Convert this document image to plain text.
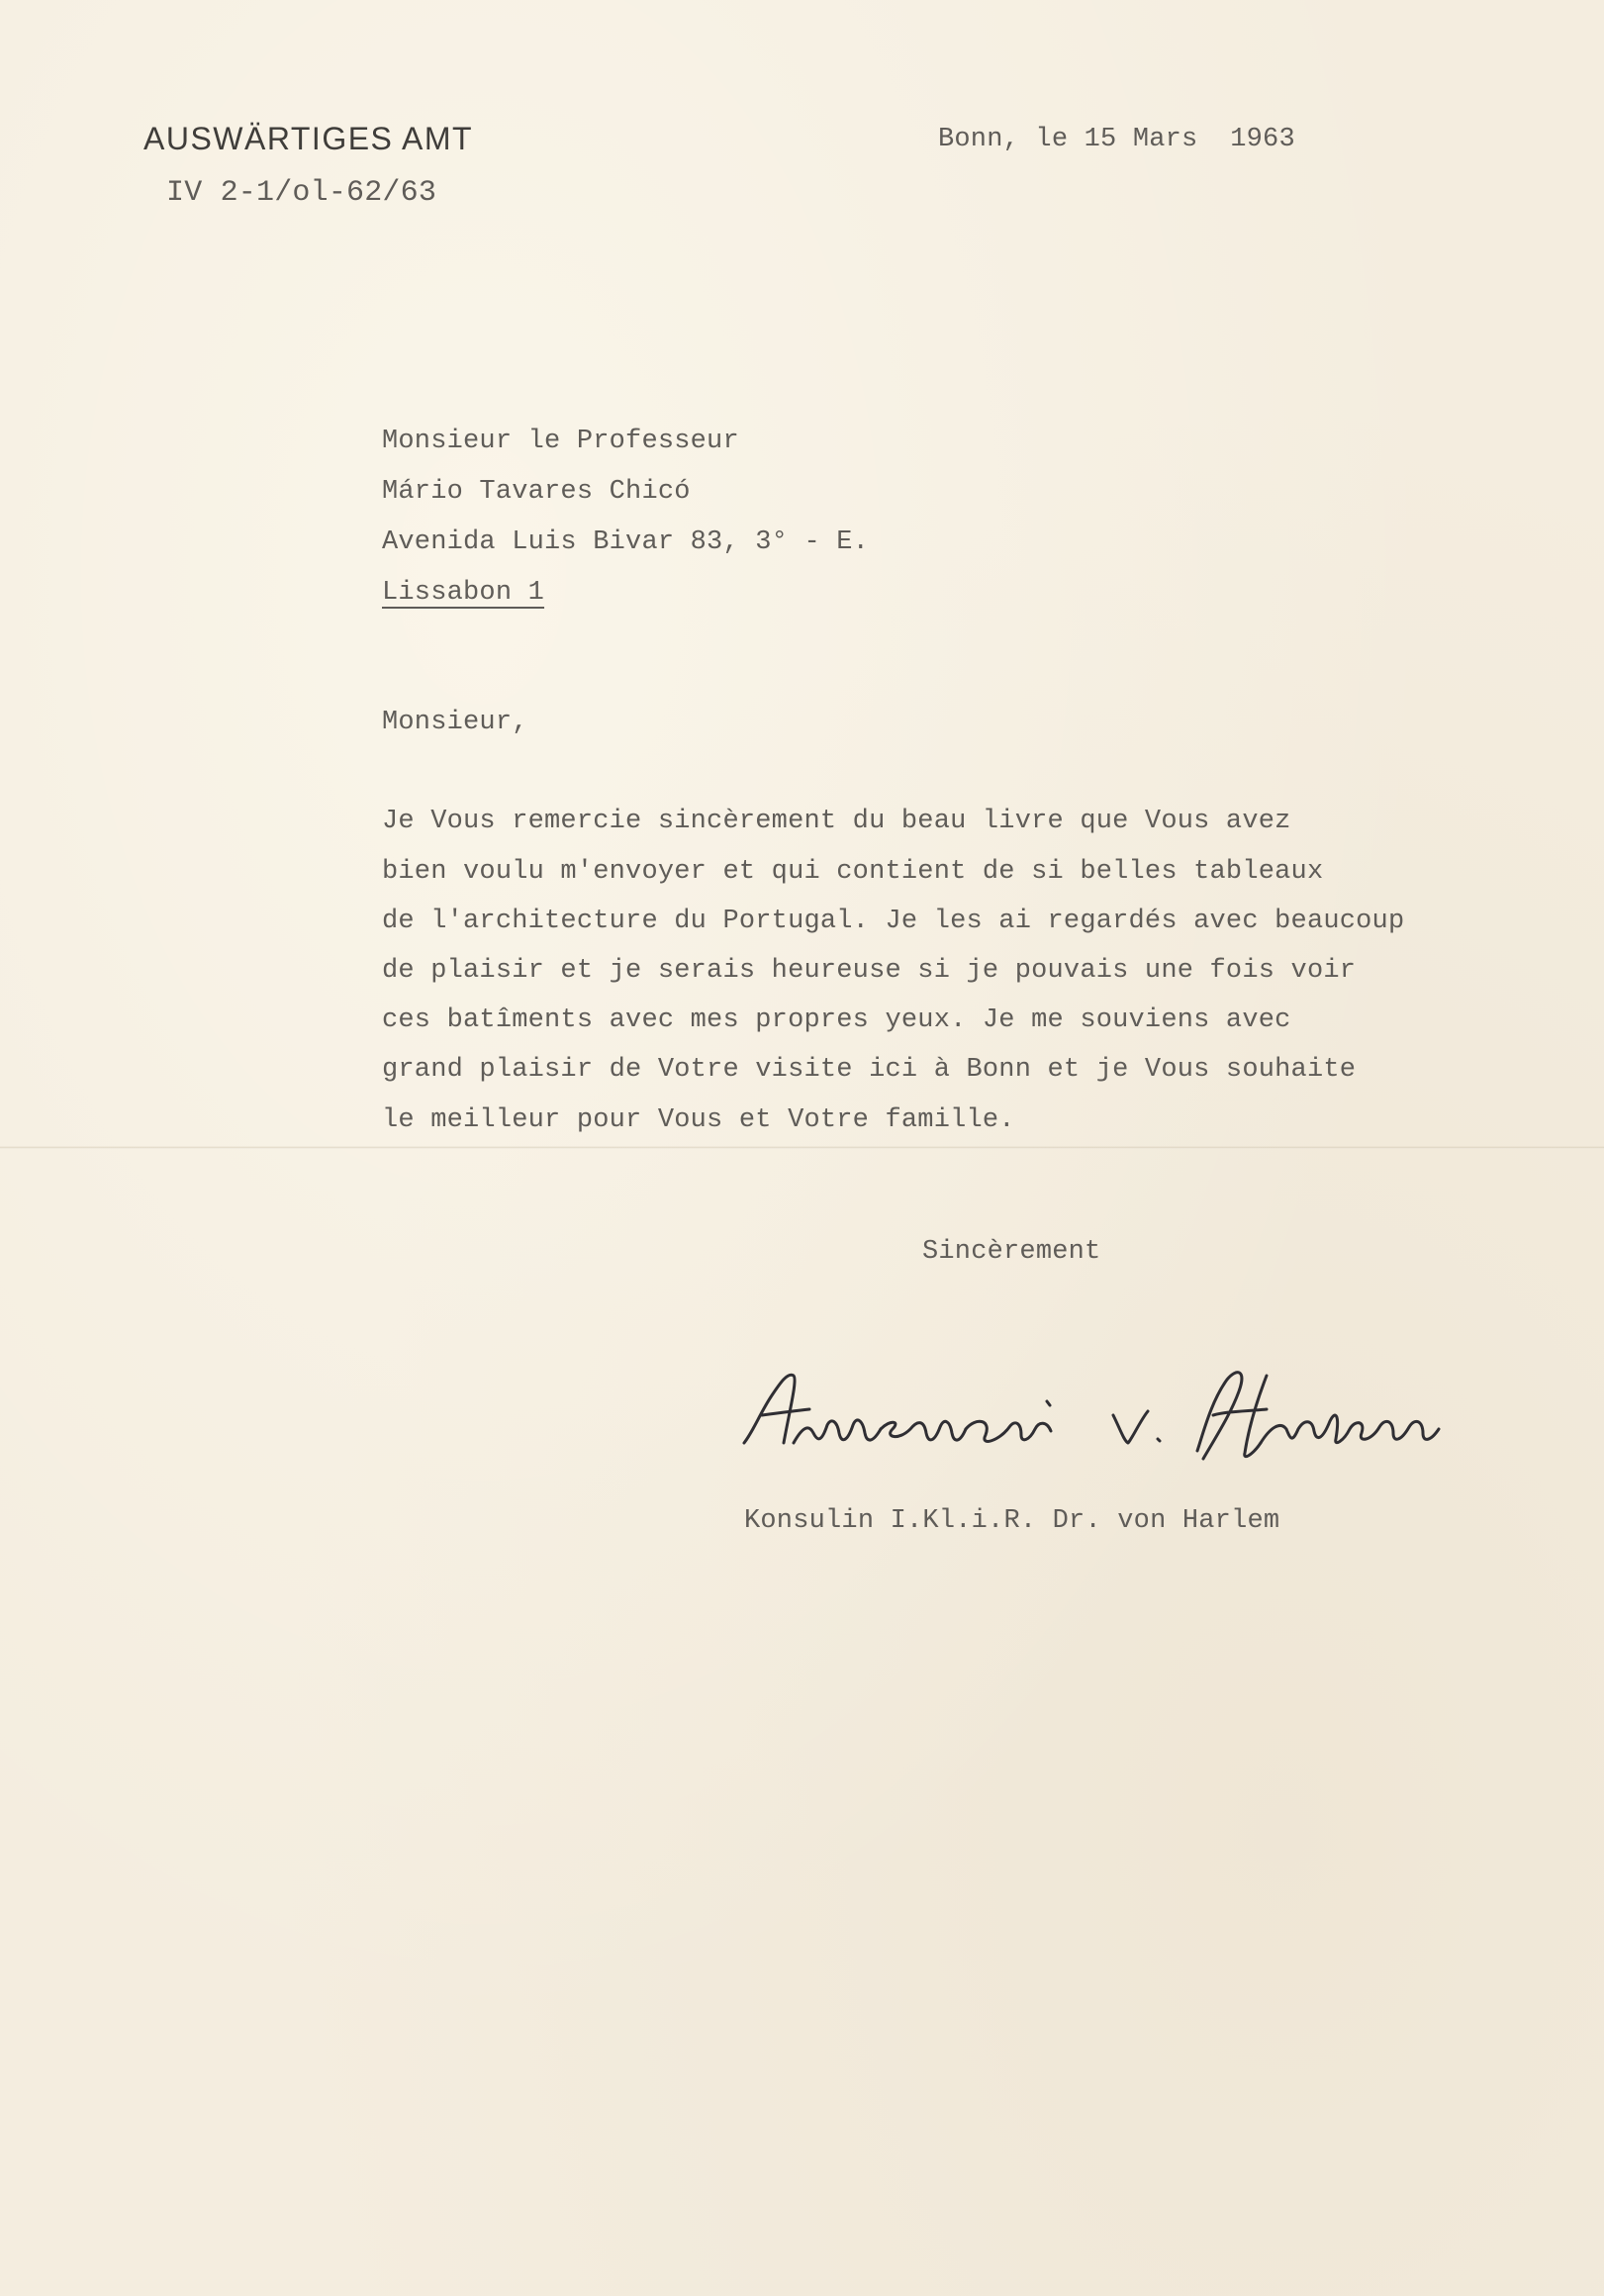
AUSWÄRTIGES AMT
IV 2-1/ol-62/63
Bonn, le 15 Mars  1963
Monsieur le Professeur
Mário Tavares Chicó
Avenida Luis Bivar 83, 3° - E.
Lissabon 1
Monsieur,
Je Vous remercie sincèrement du beau livre que Vous avez
bien voulu m'envoyer et qui contient de si belles tableaux
de l'architecture du Portugal. Je les ai regardés avec beaucoup
de plaisir et je serais heureuse si je pouvais une fois voir
ces batîments avec mes propres yeux. Je me souviens avec
grand plaisir de Votre visite ici à Bonn et je Vous souhaite
le meilleur pour Vous et Votre famille.
Sincèrement
Konsulin I.Kl.i.R. Dr. von Harlem
